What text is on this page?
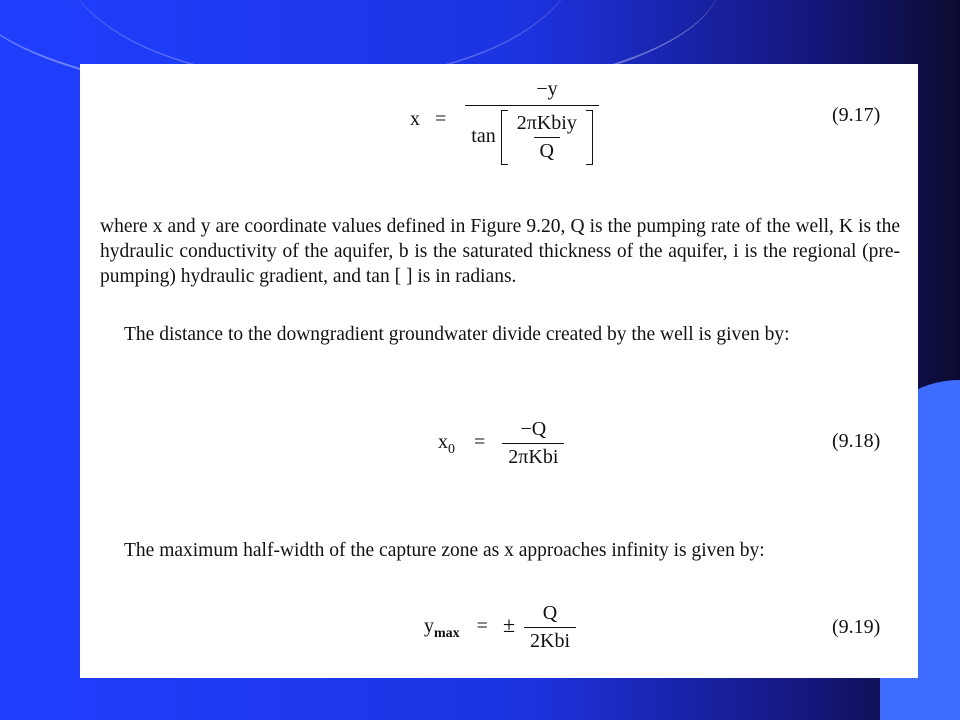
$x = \frac{-y}{\tan \frac{\text{2πKbiy}}{Q}}$	(9.17)
where x and y are coordinate values defined in Figure 9.20, Q is the pumping rate of the well, K is the hydraulic conductivity of the aquifer, b is the saturated thickness of the aquifer, i is the regional (pre-pumping) hydraulic gradient, and tan [ ] is in radians.
The distance to the downgradient groundwater divide created by the well is given by:
$x_0 = \frac{-Q}{\text{2πKbi}}$	(9.18)
The maximum half-width of the capture zone as x approaches infinity is given by:
$y_{max}$ = ± $\frac{Q}{\text{2Kbi}}$	(9.19)
